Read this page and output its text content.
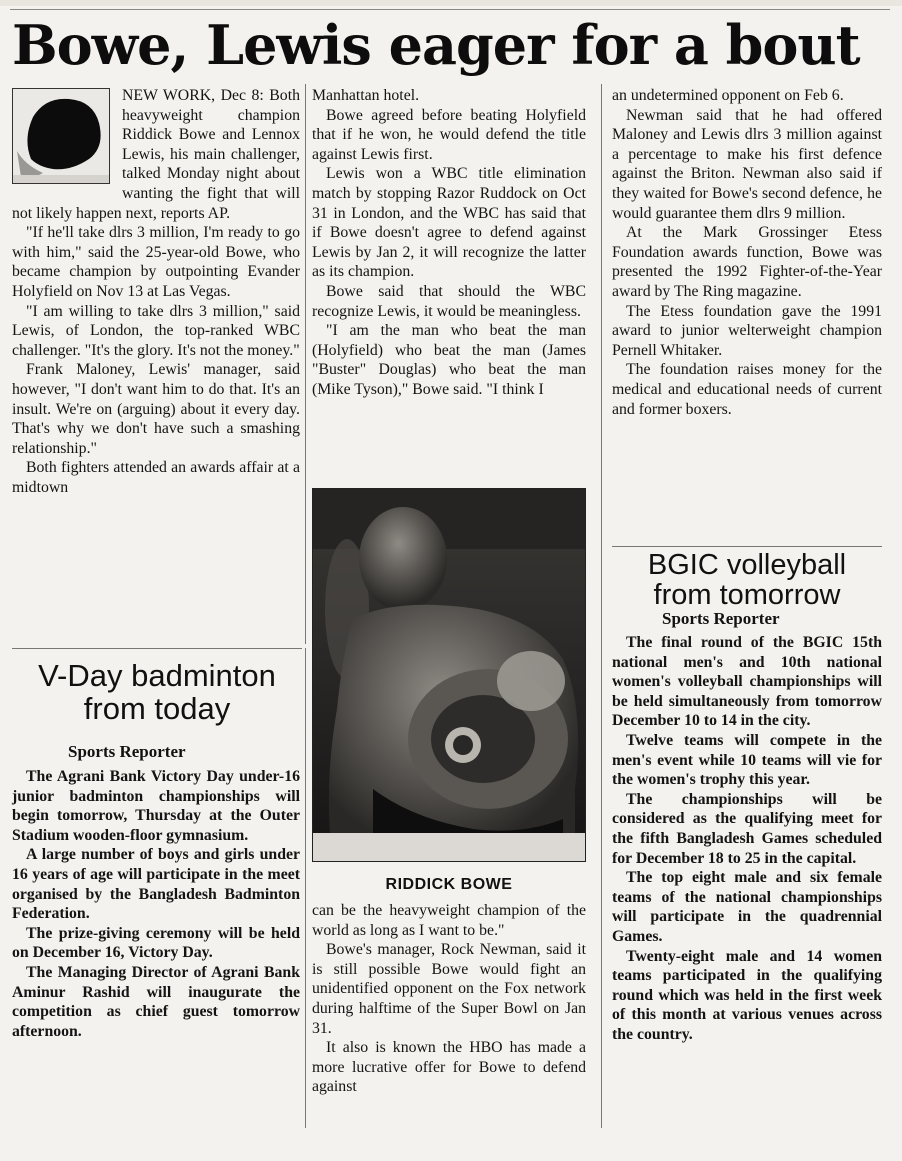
Bowe, Lewis eager for a bout

NEW WORK, Dec 8: Both heavyweight champion Riddick Bowe and Lennox Lewis, his main challenger, talked Monday night about wanting the fight that will not likely happen next, reports AP.

"If he'll take dlrs 3 million, I'm ready to go with him," said the 25-year-old Bowe, who became champion by outpointing Evander Holyfield on Nov 13 at Las Vegas.

"I am willing to take dlrs 3 million," said Lewis, of London, the top-ranked WBC challenger. "It's the glory. It's not the money."

Frank Maloney, Lewis' manager, said however, "I don't want him to do that. It's an insult. We're on (arguing) about it every day. That's why we don't have such a smashing relationship."

Both fighters attended an awards affair at a midtown

V-Day badminton
from today
Sports Reporter

The Agrani Bank Victory Day under-16 junior badminton championships will begin tomorrow, Thursday at the Outer Stadium wooden-floor gymnasium.

A large number of boys and girls under 16 years of age will participate in the meet organised by the Bangladesh Badminton Federation.

The prize-giving ceremony will be held on December 16, Victory Day.

The Managing Director of Agrani Bank Aminur Rashid will inaugurate the competition as chief guest tomorrow afternoon.

Manhattan hotel.

Bowe agreed before beating Holyfield that if he won, he would defend the title against Lewis first.

Lewis won a WBC title elimination match by stopping Razor Ruddock on Oct 31 in London, and the WBC has said that if Bowe doesn't agree to defend against Lewis by Jan 2, it will recognize the latter as its champion.

Bowe said that should the WBC recognize Lewis, it would be meaningless.

"I am the man who beat the man (Holyfield) who beat the man (James "Buster" Douglas) who beat the man (Mike Tyson)," Bowe said. "I think I

RIDDICK BOWE

can be the heavyweight champion of the world as long as I want to be."

Bowe's manager, Rock Newman, said it is still possible Bowe would fight an unidentified opponent on the Fox network during halftime of the Super Bowl on Jan 31.

It also is known the HBO has made a more lucrative offer for Bowe to defend against

an undetermined opponent on Feb 6.

Newman said that he had offered Maloney and Lewis dlrs 3 million against a percentage to make his first defence against the Briton. Newman also said if they waited for Bowe's second defence, he would guarantee them dlrs 9 million.

At the Mark Grossinger Etess Foundation awards function, Bowe was presented the 1992 Fighter-of-the-Year award by The Ring magazine.

The Etess foundation gave the 1991 award to junior welterweight champion Pernell Whitaker.

The foundation raises money for the medical and educational needs of current and former boxers.

BGIC volleyball
from tomorrow
Sports Reporter

The final round of the BGIC 15th national men's and 10th national women's volleyball championships will be held simultaneously from tomorrow December 10 to 14 in the city.

Twelve teams will compete in the men's event while 10 teams will vie for the women's trophy this year.

The championships will be considered as the qualifying meet for the fifth Bangladesh Games scheduled for December 18 to 25 in the capital.

The top eight male and six female teams of the national championships will participate in the quadrennial Games.

Twenty-eight male and 14 women teams participated in the qualifying round which was held in the first week of this month at various venues across the country.
